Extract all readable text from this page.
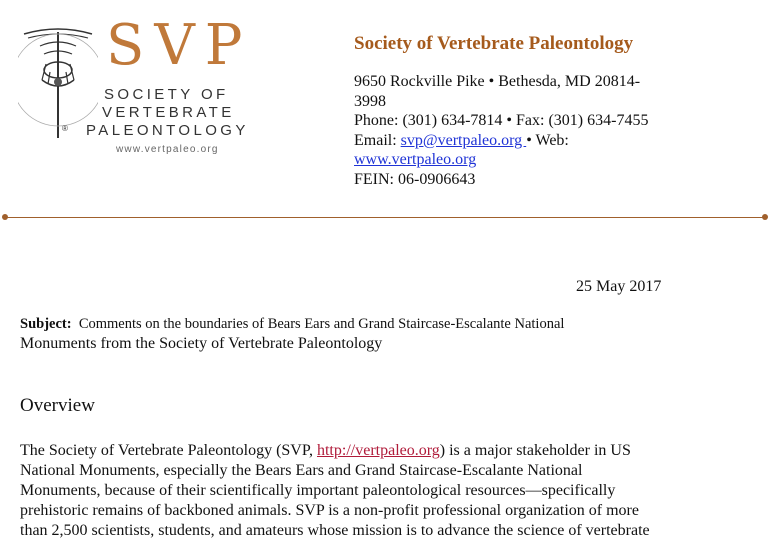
®
SVP
SOCIETY OF
VERTEBRATE
PALEONTOLOGY
www.vertpaleo.org
Society of Vertebrate Paleontology
9650 Rockville Pike • Bethesda, MD 20814-
3998
Phone: (301) 634-7814 • Fax: (301) 634-7455
Email: svp@vertpaleo.org • Web:
www.vertpaleo.org
FEIN: 06-0906643
25 May 2017
Subject: Comments on the boundaries of Bears Ears and Grand Staircase-Escalante National
Monuments from the Society of Vertebrate Paleontology
Overview
The Society of Vertebrate Paleontology (SVP, http://vertpaleo.org) is a major stakeholder in US
National Monuments, especially the Bears Ears and Grand Staircase-Escalante National
Monuments, because of their scientifically important paleontological resources—specifically
prehistoric remains of backboned animals. SVP is a non-profit professional organization of more
than 2,500 scientists, students, and amateurs whose mission is to advance the science of vertebrate
